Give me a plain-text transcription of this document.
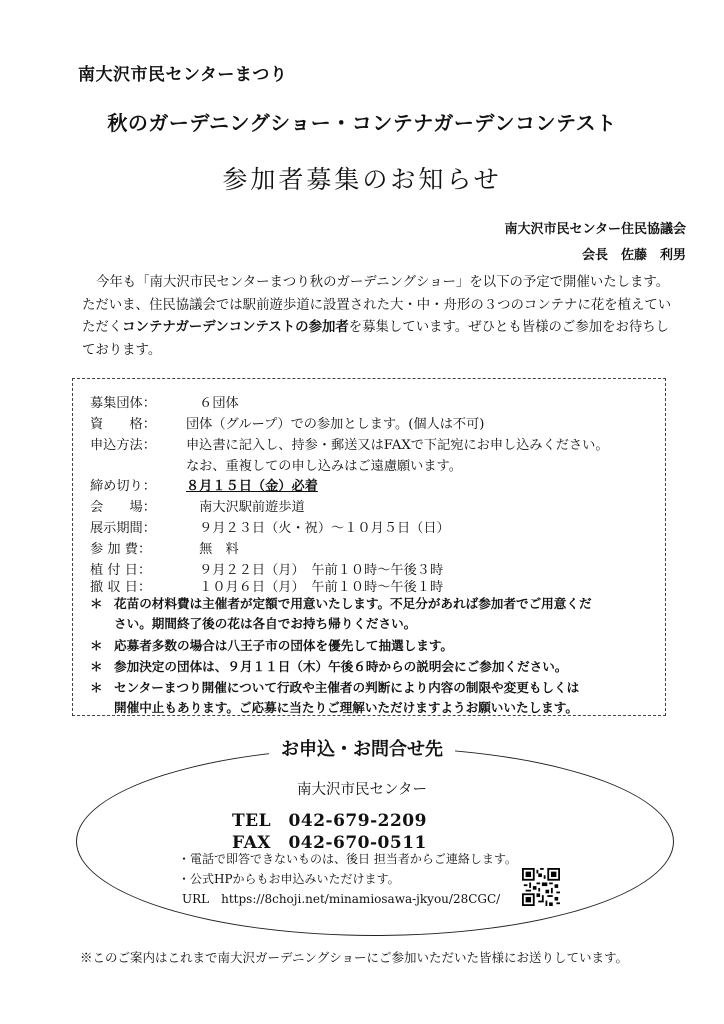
南大沢市民センターまつり
秋のガーデニングショー・コンテナガーデンコンテスト
参加者募集のお知らせ
南大沢市民センター住民協議会
会長　佐藤　利男
今年も「南大沢市民センターまつり秋のガーデニングショー」を以下の予定で開催いたします。ただいま、住民協議会では駅前遊歩道に設置された大・中・舟形の３つのコンテナに花を植えていただくコンテナガーデンコンテストの参加者を募集しています。ぜひとも皆様のご参加をお待ちしております。
募集団体：　６団体
資　　格： 団体（グループ）での参加とします。(個人は不可)
申込方法： 申込書に記入し、持参・郵送又はFAXで下記宛にお申し込みください。
なお、重複しての申し込みはご遠慮願います。
締め切り： ８月１５日（金）必着
会　　場：　南大沢駅前遊歩道
展示期間：　９月２３日（火・祝）～１０月５日（日）
参 加 費：	　無　料
植 付 日：	　９月２２日（月）　午前１０時～午後３時
撤 収 日：	　１０月６日（月）　午前１０時～午後１時
＊ 花苗の材料費は主催者が定額で用意いたします。不足分があれば参加者でご用意くだ
さい。期間終了後の花は各自でお持ち帰りください。
＊ 応募者多数の場合は八王子市の団体を優先して抽選します。
＊ 参加決定の団体は、９月１１日（木）午後６時からの説明会にご参加ください。
＊ センターまつり開催について行政や主催者の判断により内容の制限や変更もしくは
開催中止もあります。ご応募に当たりご理解いただけますようお願いいたします。
お申込・お問合せ先
南大沢市民センター
TEL　042-679-2209
FAX　042-670-0511
・電話で即答できないものは、後日 担当者からご連絡します。
・公式HPからもお申込みいただけます。
URL　https://8choji.net/minamiosawa-jkyou/28CGC/
※このご案内はこれまで南大沢ガーデニングショーにご参加いただいた皆様にお送りしています。
